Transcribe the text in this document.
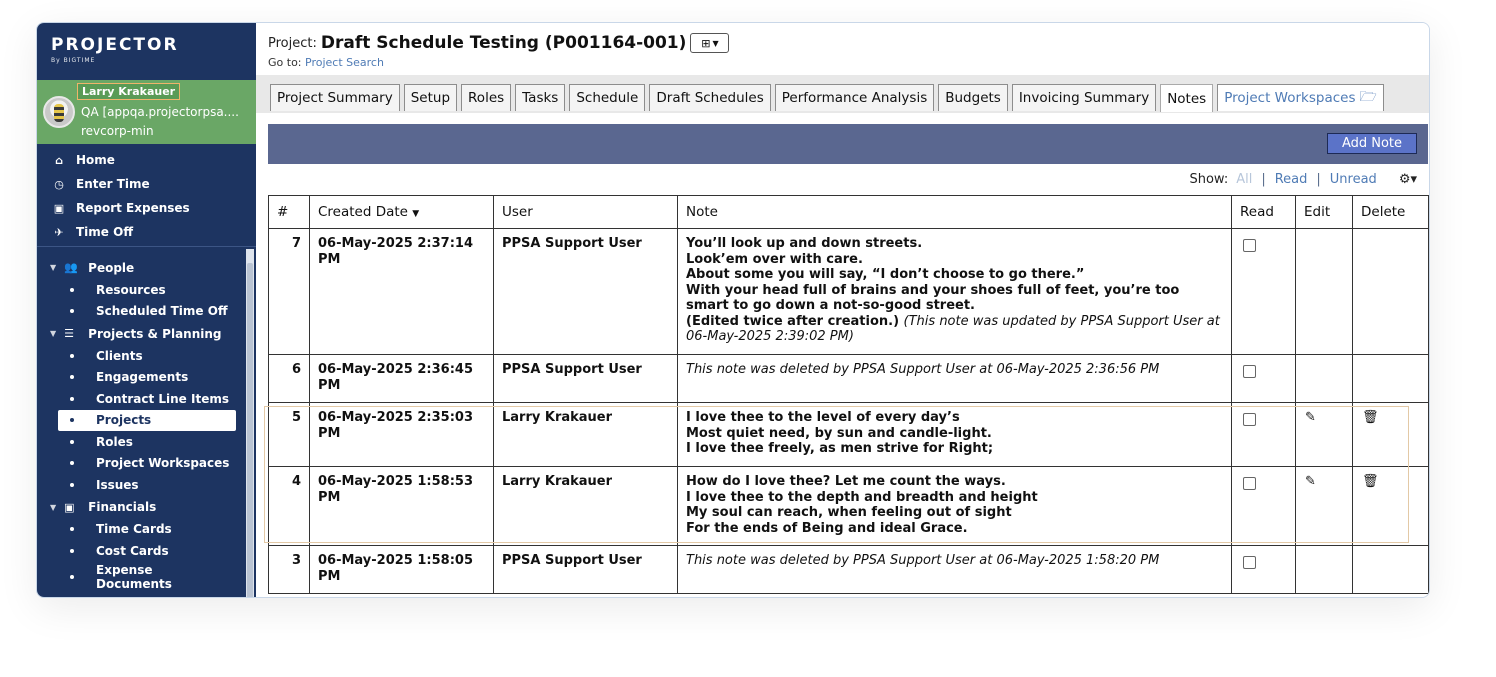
PROJECTOR
By BIGTIME
Larry Krakauer
QA [appqa.projectorpsa....
revcorp-min
⌂ Home
◷ Enter Time
▣ Report Expenses
✈ Time Off
▼ 👥 People
Resources
Scheduled Time Off
▼ ☰	Projects & Planning
Clients
Engagements
Contract Line Items
Projects
Roles
Project Workspaces
Issues
▼ ▣	Financials
Time Cards
Cost Cards
Expense
Documents
Project: Draft Schedule Testing (P001164-001) ⊞ ▼
Go to: Project Search
Project Summary	Setup	Roles	Tasks	Schedule	Draft Schedules	Performance Analysis	Budgets	Invoicing Summary	Notes	Project Workspaces 🗁
Add Note
Show: All | Read | Unread ⚙▾
#	Created Date ▼	User	Note	Read	Edit	Delete
7	06-May-2025 2:37:14
PM	PPSA Support User	You’ll look up and down streets.
Look’em over with care.
About some you will say, “I don’t choose to go there.”
With your head full of brains and your shoes full of feet, you’re too smart to go down a not-so-good street.
(Edited twice after creation.) (This note was updated by PPSA Support User at 06-May-2025 2:39:02 PM)			
6	06-May-2025 2:36:45
PM	PPSA Support User	This note was deleted by PPSA Support User at 06-May-2025 2:36:56 PM			
5	06-May-2025 2:35:03
PM	Larry Krakauer	I love thee to the level of every day’s
Most quiet need, by sun and candle-light.
I love thee freely, as men strive for Right;		✎	🗑
4	06-May-2025 1:58:53
PM	Larry Krakauer	How do I love thee? Let me count the ways.
I love thee to the depth and breadth and height
My soul can reach, when feeling out of sight
For the ends of Being and ideal Grace.		✎	🗑
3	06-May-2025 1:58:05
PM	PPSA Support User	This note was deleted by PPSA Support User at 06-May-2025 1:58:20 PM			
